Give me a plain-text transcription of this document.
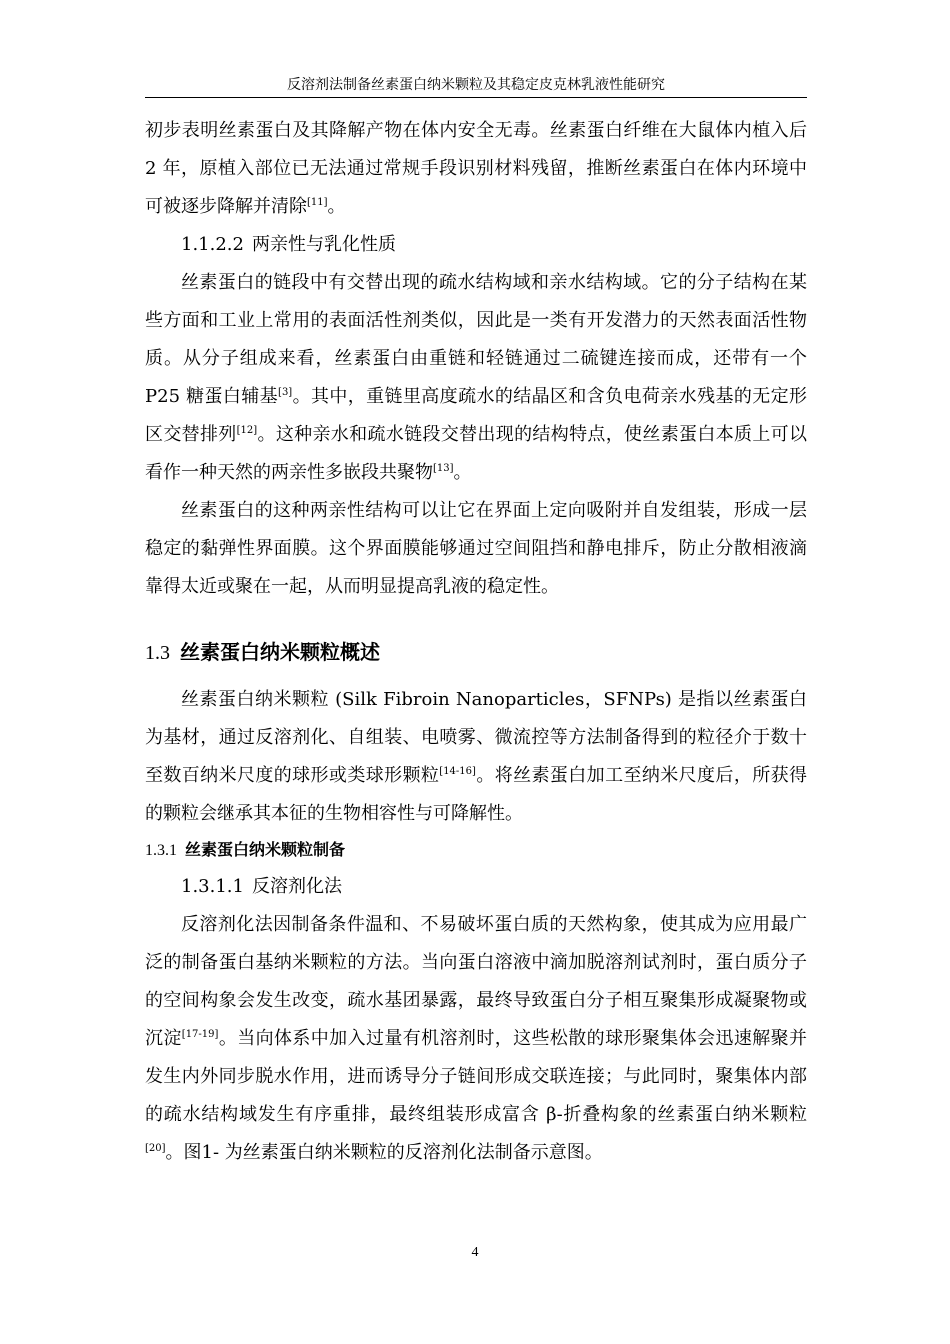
反溶剂法制备丝素蛋白纳米颗粒及其稳定皮克林乳液性能研究

初步表明丝素蛋白及其降解产物在体内安全无毒。丝素蛋白纤维在大鼠体内植入后 2 年，原植入部位已无法通过常规手段识别材料残留，推断丝素蛋白在体内环境中可被逐步降解并清除[11]。

1.1.2.2 两亲性与乳化性质

丝素蛋白的链段中有交替出现的疏水结构域和亲水结构域。它的分子结构在某些方面和工业上常用的表面活性剂类似，因此是一类有开发潜力的天然表面活性物质。从分子组成来看，丝素蛋白由重链和轻链通过二硫键连接而成，还带有一个 P25 糖蛋白辅基[3]。其中，重链里高度疏水的结晶区和含负电荷亲水残基的无定形区交替排列[12]。这种亲水和疏水链段交替出现的结构特点，使丝素蛋白本质上可以看作一种天然的两亲性多嵌段共聚物[13]。

丝素蛋白的这种两亲性结构可以让它在界面上定向吸附并自发组装，形成一层稳定的黏弹性界面膜。这个界面膜能够通过空间阻挡和静电排斥，防止分散相液滴靠得太近或聚在一起，从而明显提高乳液的稳定性。

1.3 丝素蛋白纳米颗粒概述

丝素蛋白纳米颗粒 (Silk Fibroin Nanoparticles，SFNPs) 是指以丝素蛋白为基材，通过反溶剂化、自组装、电喷雾、微流控等方法制备得到的粒径介于数十至数百纳米尺度的球形或类球形颗粒[14-16]。将丝素蛋白加工至纳米尺度后，所获得的颗粒会继承其本征的生物相容性与可降解性。

1.3.1 丝素蛋白纳米颗粒制备

1.3.1.1 反溶剂化法

反溶剂化法因制备条件温和、不易破坏蛋白质的天然构象，使其成为应用最广泛的制备蛋白基纳米颗粒的方法。当向蛋白溶液中滴加脱溶剂试剂时，蛋白质分子的空间构象会发生改变，疏水基团暴露，最终导致蛋白分子相互聚集形成凝聚物或沉淀[17-19]。当向体系中加入过量有机溶剂时，这些松散的球形聚集体会迅速解聚并发生内外同步脱水作用，进而诱导分子链间形成交联连接；与此同时，聚集体内部的疏水结构域发生有序重排，最终组装形成富含 β-折叠构象的丝素蛋白纳米颗粒[20]。图1- 为丝素蛋白纳米颗粒的反溶剂化法制备示意图。

4
